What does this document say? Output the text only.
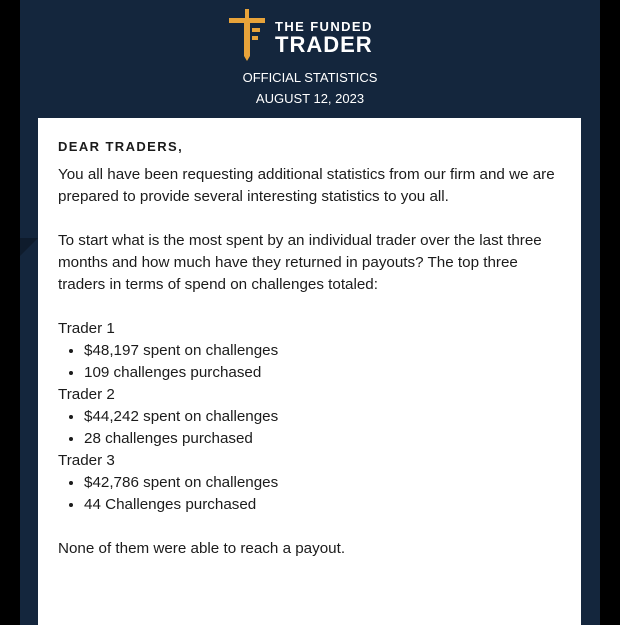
THE FUNDED
TRADER
OFFICIAL STATISTICS
AUGUST 12, 2023
DEAR TRADERS,

You all have been requesting additional statistics from our firm and we are prepared to provide several interesting statistics to you all.

To start what is the most spent by an individual trader over the last three months and how much have they returned in payouts? The top three traders in terms of spend on challenges totaled:

Trader 1

• $48,197 spent on challenges
• 109 challenges purchased

Trader 2

• $44,242 spent on challenges
• 28 challenges purchased

Trader 3

• $42,786 spent on challenges
• 44 Challenges purchased

None of them were able to reach a payout.
